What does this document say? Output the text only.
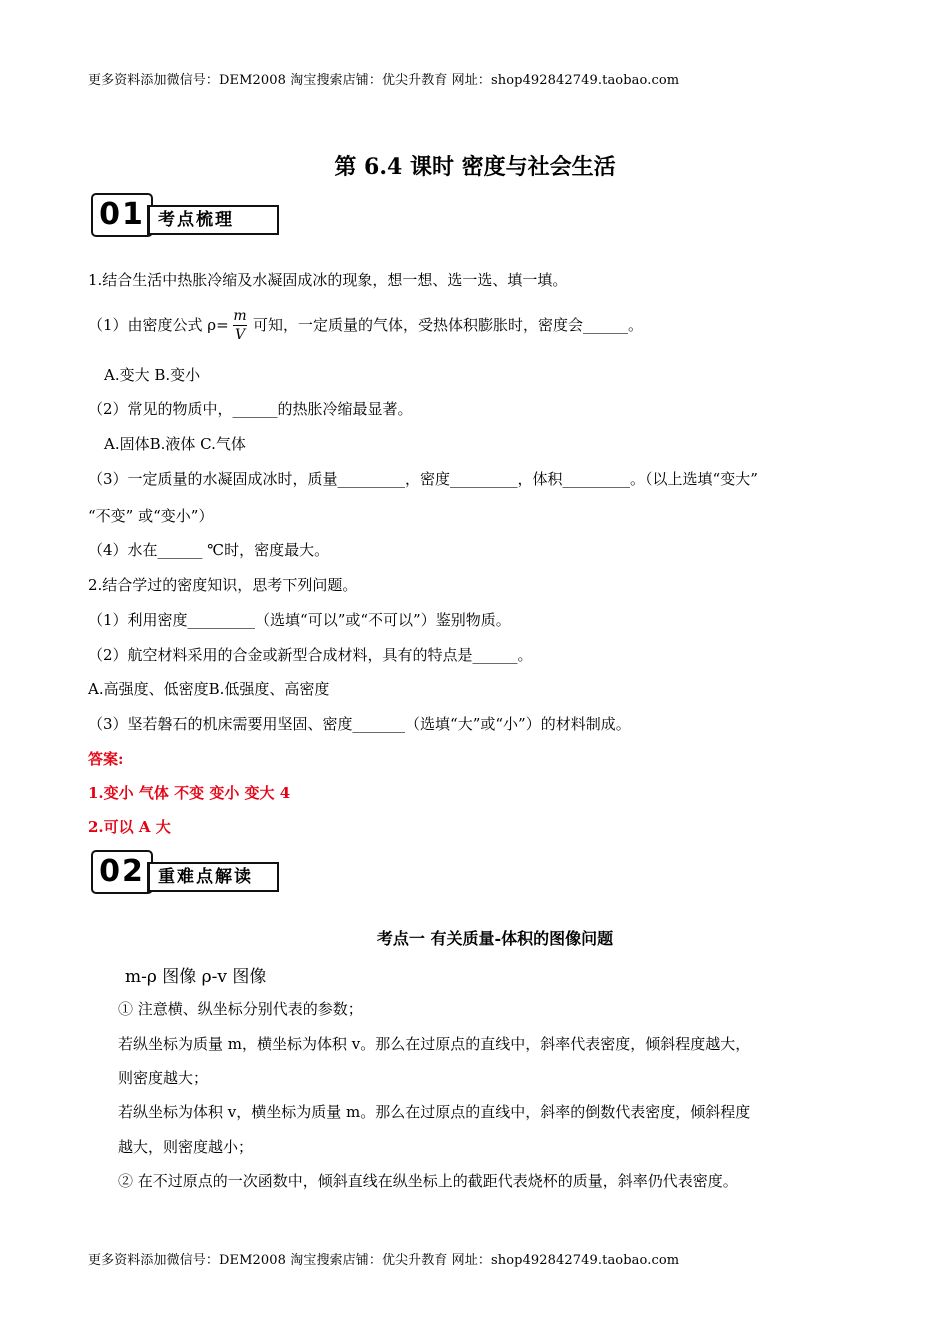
更多资料添加微信号：DEM2008 淘宝搜索店铺：优尖升教育 网址：shop492842749.taobao.com
第 6.4 课时 密度与社会生活
01 考点梳理
1.结合生活中热胀冷缩及水凝固成冰的现象，想一想、选一选、填一填。
（1）由密度公式 ρ= m
V
可知，一定质量的气体，受热体积膨胀时，密度会______。
A.变大 B.变小
（2）常见的物质中，______的热胀冷缩最显著。
A.固体B.液体 C.气体
（3）一定质量的水凝固成冰时，质量_________，密度_________，体积_________。（以上选填“变大”
“不变” 或“变小”）
（4）水在______ ℃时，密度最大。
2.结合学过的密度知识，思考下列问题。
（1）利用密度_________（选填“可以”或“不可以”）鉴别物质。
（2）航空材料采用的合金或新型合成材料，具有的特点是______。
A.高强度、低密度B.低强度、高密度
（3）坚若磐石的机床需要用坚固、密度_______（选填“大”或“小”）的材料制成。
答案:
1.变小 气体 不变 变小 变大 4
2.可以 A 大
02 重难点解读
考点一 有关质量-体积的图像问题
m-ρ 图像 ρ-v 图像
① 注意横、纵坐标分别代表的参数；
若纵坐标为质量 m，横坐标为体积 v。那么在过原点的直线中，斜率代表密度，倾斜程度越大，
则密度越大；
若纵坐标为体积 v，横坐标为质量 m。那么在过原点的直线中，斜率的倒数代表密度，倾斜程度
越大，则密度越小；
② 在不过原点的一次函数中，倾斜直线在纵坐标上的截距代表烧杯的质量，斜率仍代表密度。
更多资料添加微信号：DEM2008 淘宝搜索店铺：优尖升教育 网址：shop492842749.taobao.com
